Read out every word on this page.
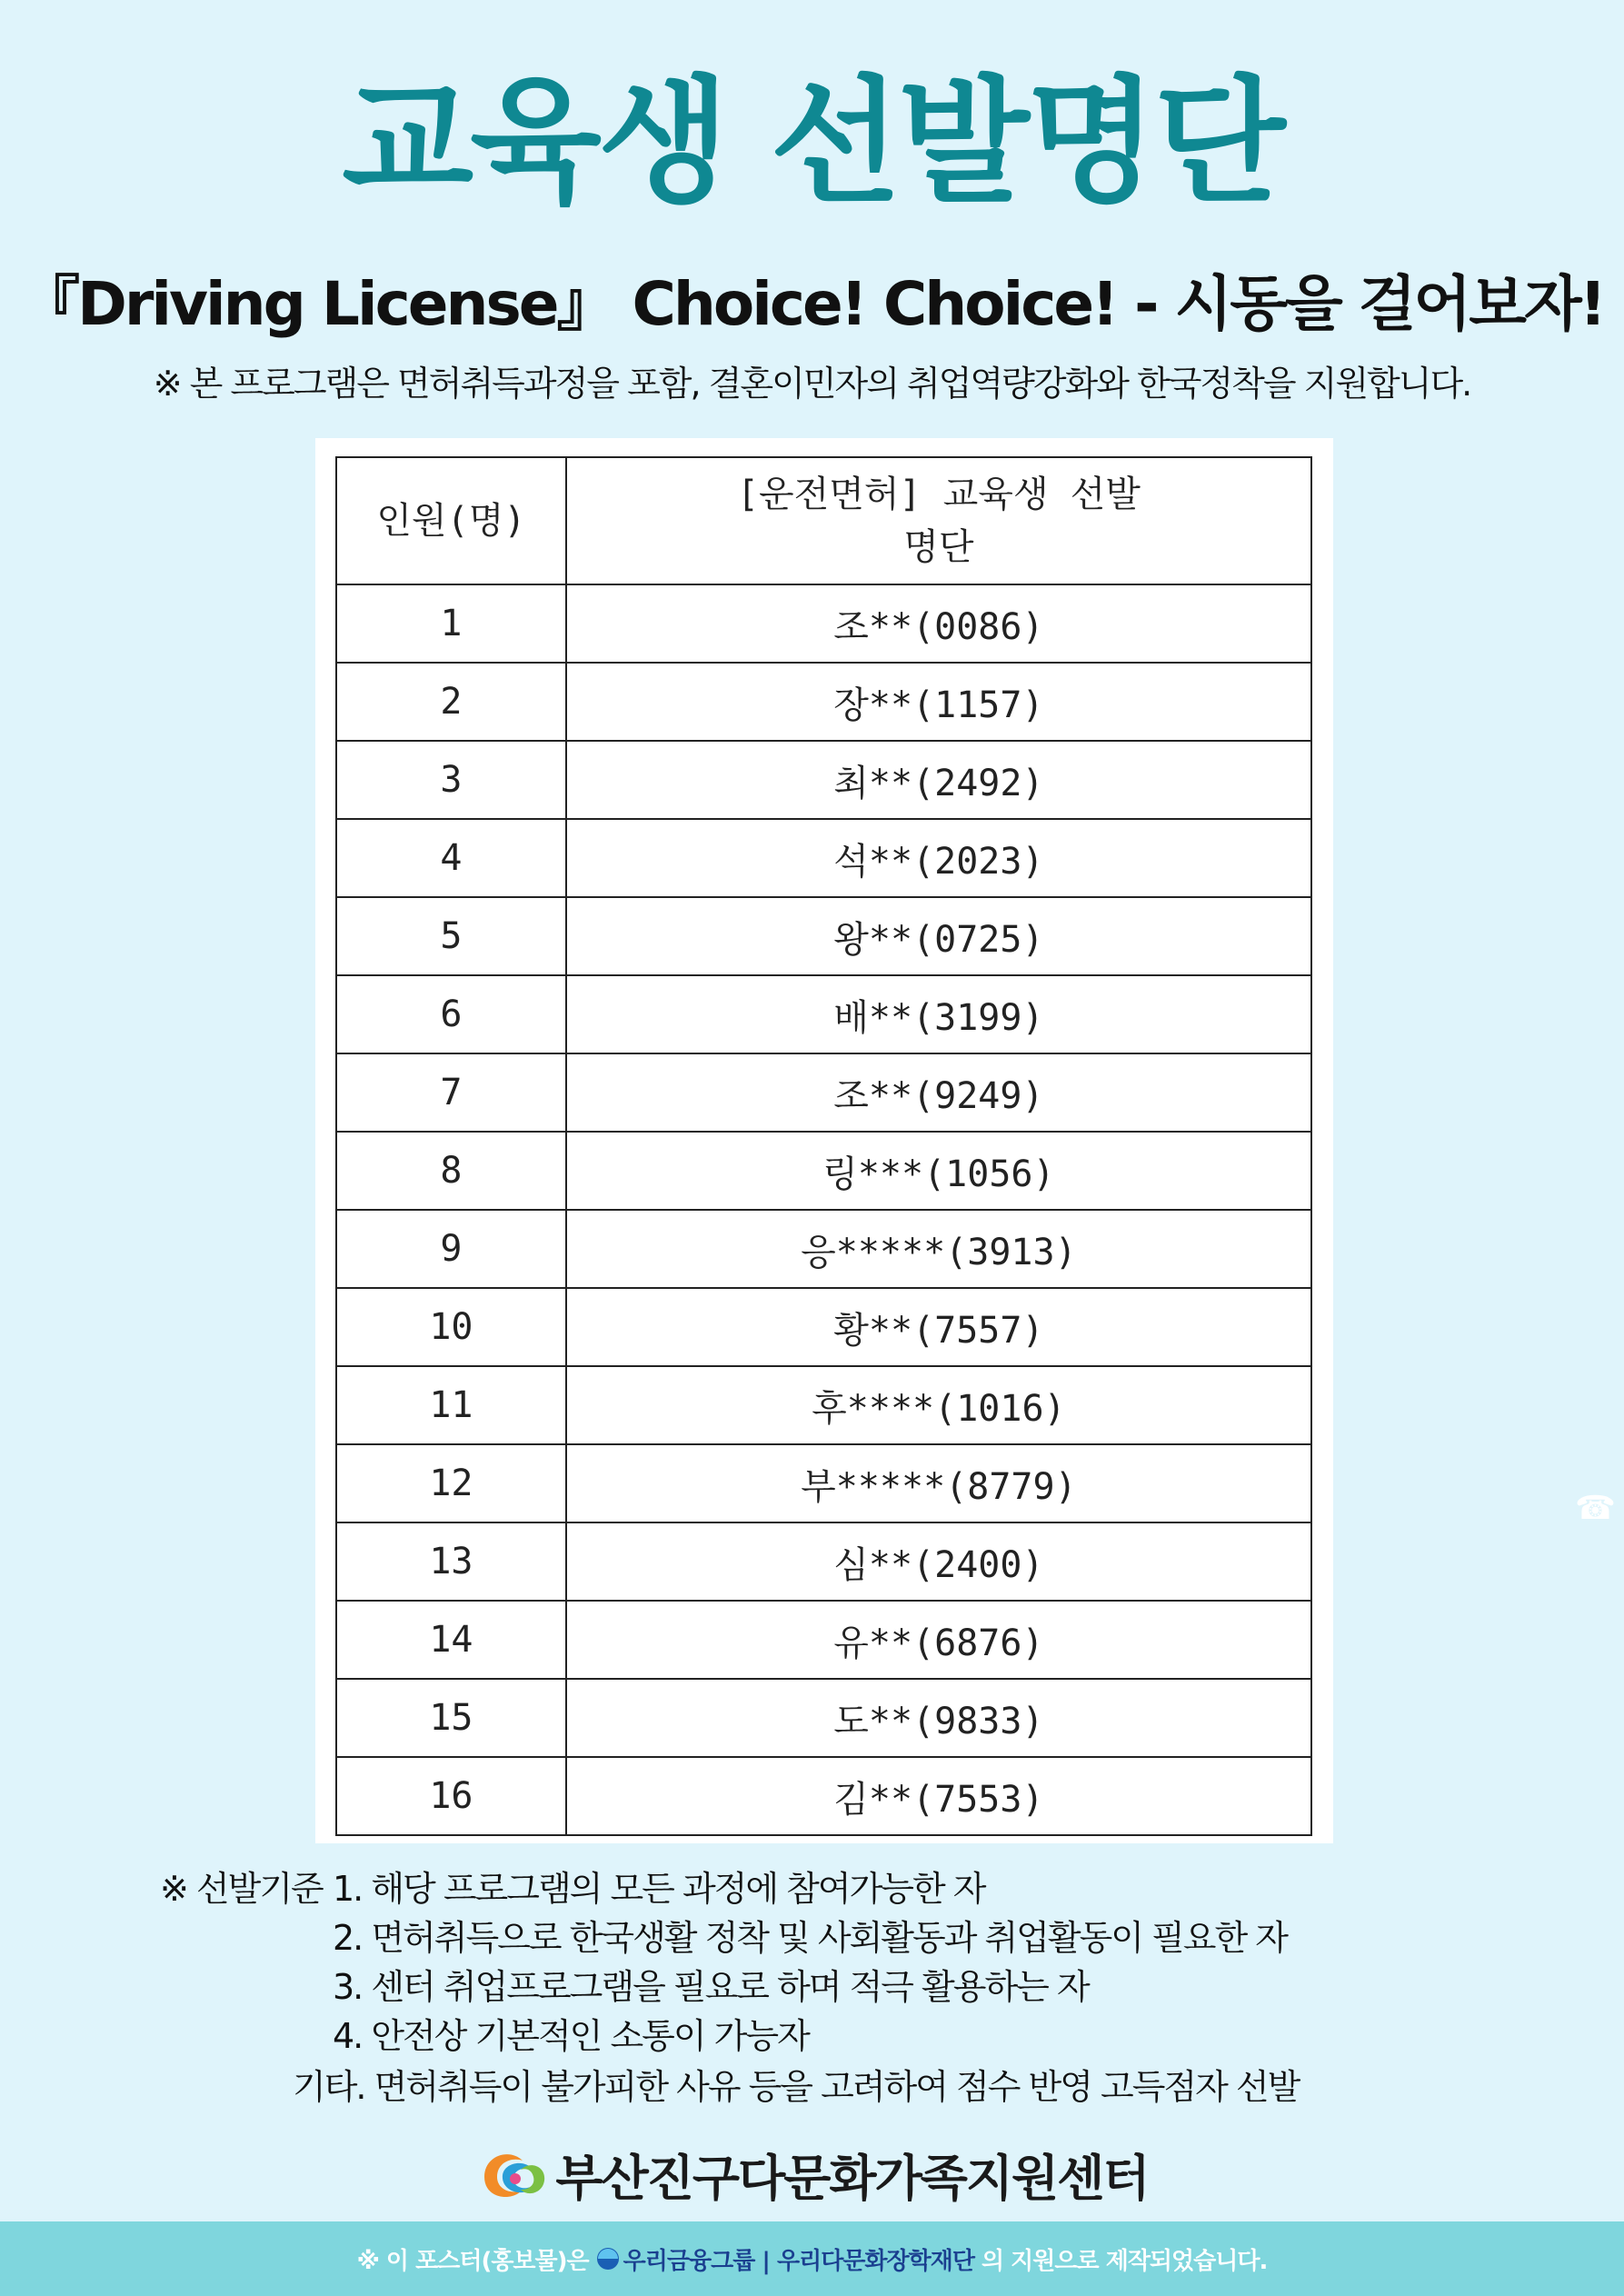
교육생 선발명단
『Driving License』 Choice! Choice! - 시동을 걸어보자!
※ 본 프로그램은 면허취득과정을 포함, 결혼이민자의 취업역량강화와 한국정착을 지원합니다.
인원(명)	[운전면허] 교육생 선발
명단
1	조**(0086)
2	장**(1157)
3	최**(2492)
4	석**(2023)
5	왕**(0725)
6	배**(3199)
7	조**(9249)
8	링***(1056)
9	응*****(3913)
10	황**(7557)
11	후****(1016)
12	부*****(8779)
13	심**(2400)
14	유**(6876)
15	도**(9833)
16	김**(7553)
☎
※ 선발기준 1. 해당 프로그램의 모든 과정에 참여가능한 자
2. 면허취득으로 한국생활 정착 및 사회활동과 취업활동이 필요한 자
3. 센터 취업프로그램을 필요로 하며 적극 활용하는 자
4. 안전상 기본적인 소통이 가능자
기타. 면허취득이 불가피한 사유 등을 고려하여 점수 반영 고득점자 선발
부산진구다문화가족지원센터
※ 이 포스터(홍보물)은 우리금융그룹 | 우리다문화장학재단 의 지원으로 제작되었습니다.
